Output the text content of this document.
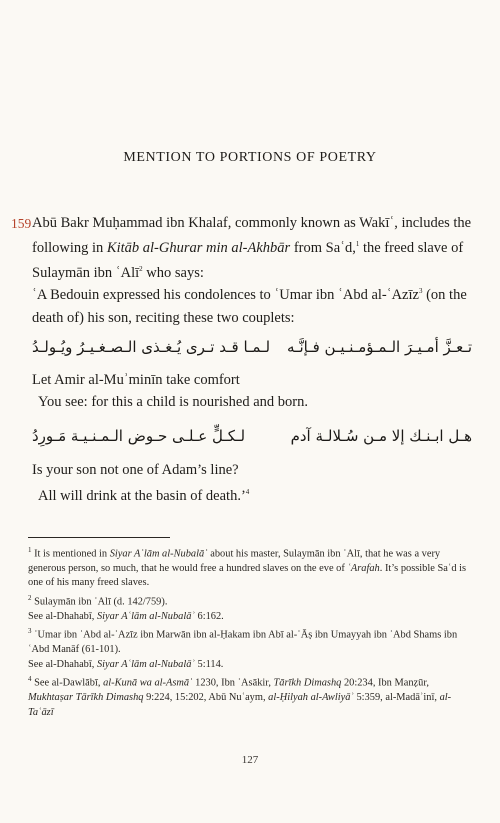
MENTION TO PORTIONS OF POETRY
159 Abū Bakr Muḥammad ibn Khalaf, commonly known as Wakīʿ, includes the following in Kitāb al-Ghurar min al-Akhbār from Saʿd,$^1$ the freed slave of Sulaymān ibn ʿAlī$^2$ who says:
ʿA Bedouin expressed his condolences to ʿUmar ibn ʿAbd al-ʿAzīz$^3$ (on the death of) his son, reciting these two couplets:
تـعـزَّ أمـيـرَ الـمـؤمـنـيـن فـإنَّـه
لـمـا قـد تـرى يُـغـذى الـصـغـيـرُ ويُـولـدُ
Let Amir al-Muʾminīn take comfort
You see: for this a child is nourished and born.
هـل ابـنـك إلا مـن سُـلالـة آدم
لـكـلٍّ عـلـى حـوض الـمـنـيـة مَـورِدُ
Is your son not one of Adam’s line?
All will drink at the basin of death.’$^4$

$^1$ It is mentioned in Siyar Aʿlām al-Nubalāʾ about his master, Sulaymān ibn ʿAlī, that he was a very generous person, so much, that he would free a hundred slaves on the eve of ʿArafah. It’s possible Saʿd is one of his many freed slaves.

$^2$ Sulaymān ibn ʿAlī (d. 142/759).
See al-Dhahabī, Siyar Aʿlām al-Nubalāʾ 6:162.

$^3$ ʿUmar ibn ʿAbd al-ʿAzīz ibn Marwān ibn al-Ḥakam ibn Abī al-ʿĀṣ ibn Umayyah ibn ʿAbd Shams ibn ʿAbd Manāf (61-101).
See al-Dhahabī, Siyar Aʿlām al-Nubalāʾ 5:114.

$^4$ See al-Dawlābī, al-Kunā wa al-Asmāʾ 1230, Ibn ʿAsākir, Tārīkh Dimashq 20:234, Ibn Manẓūr, Mukhtaṣar Tārīkh Dimashq 9:224, 15:202, Abū Nuʿaym, al-Ḥilyah al-Awliyāʾ 5:359, al-Madāʾinī, al-Taʿāzī

127
